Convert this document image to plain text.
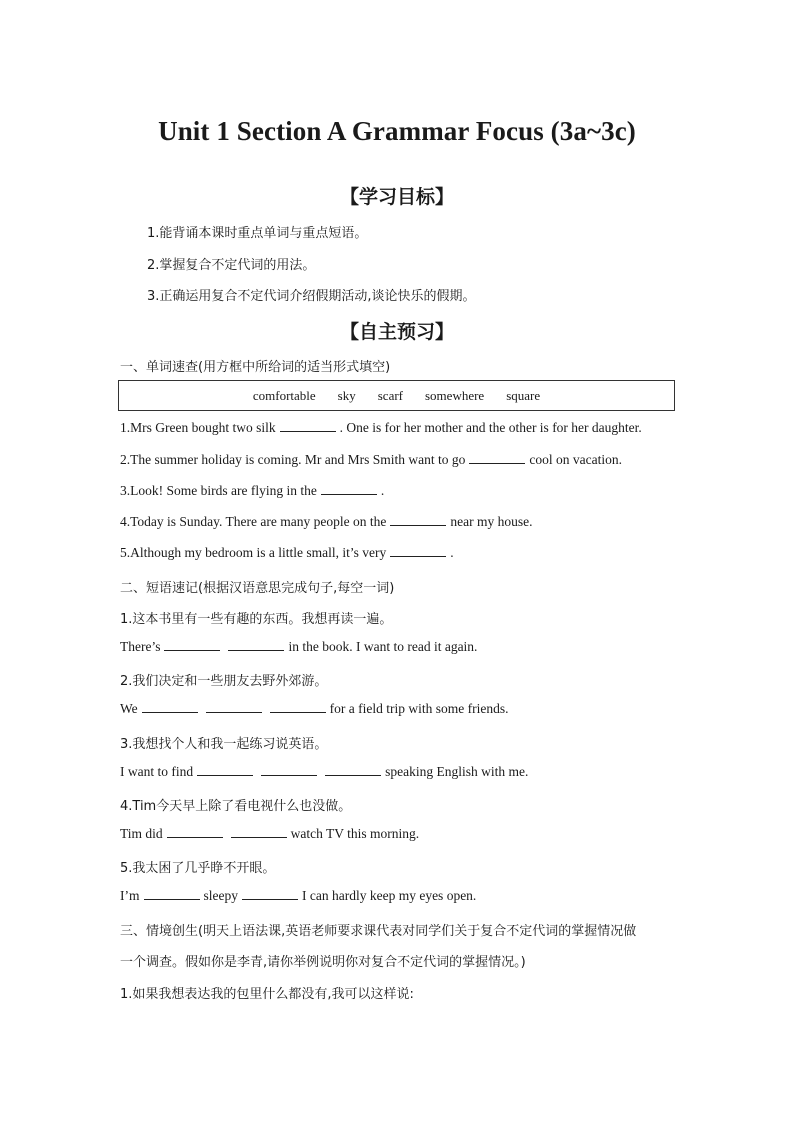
Unit 1 Section A Grammar Focus (3a~3c)
【学习目标】
1.能背诵本课时重点单词与重点短语。
2.掌握复合不定代词的用法。
3.正确运用复合不定代词介绍假期活动,谈论快乐的假期。
【自主预习】
一、单词速查(用方框中所给词的适当形式填空)
comfortable sky scarf somewhere square
1.Mrs Green bought two silk	. One is for her mother and the other is for her daughter.
2.The summer holiday is coming. Mr and Mrs Smith want to go	cool on vacation.
3.Look! Some birds are flying in the	.
4.Today is Sunday. There are many people on the	near my house.
5.Although my bedroom is a little small, it’s very	.
二、短语速记(根据汉语意思完成句子,每空一词)
1.这本书里有一些有趣的东西。我想再读一遍。
There’s	in the book. I want to read it again.
2.我们决定和一些朋友去野外郊游。
We	for a field trip with some friends.
3.我想找个人和我一起练习说英语。
I want to find	speaking English with me.
4.Tim今天早上除了看电视什么也没做。
Tim did	watch TV this morning.
5.我太困了几乎睁不开眼。
I’m	sleepy	I can hardly keep my eyes open.
三、情境创生(明天上语法课,英语老师要求课代表对同学们关于复合不定代词的掌握情况做
一个调查。假如你是李青,请你举例说明你对复合不定代词的掌握情况。)
1.如果我想表达我的包里什么都没有,我可以这样说:
